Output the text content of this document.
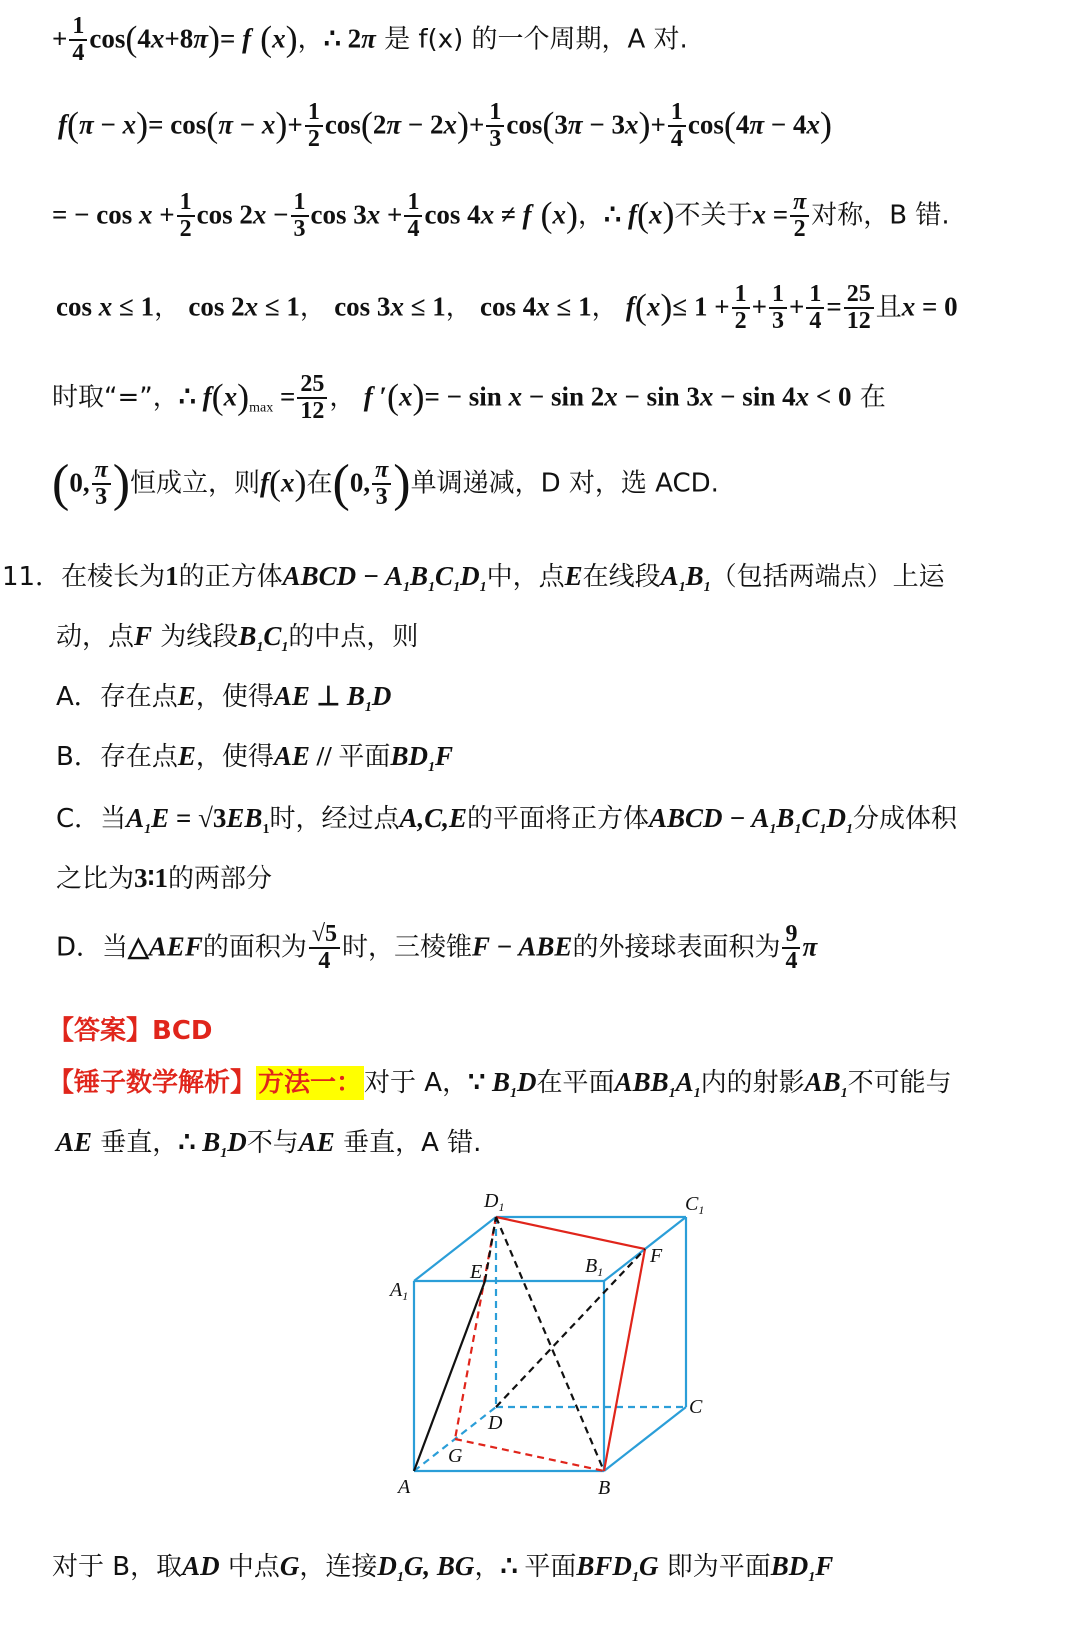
+ $\frac{1}{4} \cos(4x+8\pi)= f$ (x)，∴ 2π 是 f(x) 的一个周期，A 对.
$f(\pi - x)= \cos(\pi - x)+ \frac{1}{2} \cos(2\pi - 2x)+ \frac{1}{3} \cos(3\pi - 3x)+ \frac{1}{4} \cos(4\pi - 4x)$
= − $\cos x + \frac{1}{2}$ $\cos 2x - \frac{1}{3}$ $\cos 3x + \frac{1}{4}$ cos 4x ≠ f (x)，∴ f(x)不关于$x = \frac{\pi}{2}$ 对称，B 错.
cos x ≤ 1， cos 2x ≤ 1， cos 3x ≤ 1， cos 4x ≤ 1， $f(x)\le 1 + \frac{1}{2} + \frac{1}{3} + \frac{1}{4} = \frac{25}{12}$ 且x = 0
时取“=”，∴ $f(x)_{max} = \frac{25}{12}$ ， f ′(x)= − sin x − sin 2x − sin 3x − sin 4x < 0 在
(0, $\frac{\pi}{3}$ )恒成立，则f(x)在(0, $\frac{\pi}{3}$ )单调递减，D 对，选 ACD.
11．在棱长为1的正方体ABCD − $A_1B_1C_1D_1$中，点E在线段$A_1B_1$（包括两端点）上运
动，点F 为线段$B_1C_1$的中点，则
A．存在点E，使得AE ⊥ $B_1D$
B．存在点E，使得AE // 平面$BD_1F$
C．当$A_1E = √3EB_1$时，经过点A,C,E的平面将正方体ABCD − $A_1B_1C_1D_1$分成体积
之比为3∶1的两部分
D．当△AEF的面积为 $\frac{√5}{4}$ 时，三棱锥F − ABE的外接球表面积为 $\frac{9}{4}$ π
【答案】BCD
【锤子数学解析】方法一：对于 A，∵ $B_1D$在平面$ABB_1A_1$内的射影$AB_1$不可能与
AE 垂直，∴ $B_1D$不与AE 垂直，A 错.
$D_1$	$C_1$
$B_1$
F
E
$A_1$
D
C
G
A	B
对于 B，取AD 中点G，连接$D_1G$, BG，∴ 平面$BFD_1G$ 即为平面$BD_1F$
